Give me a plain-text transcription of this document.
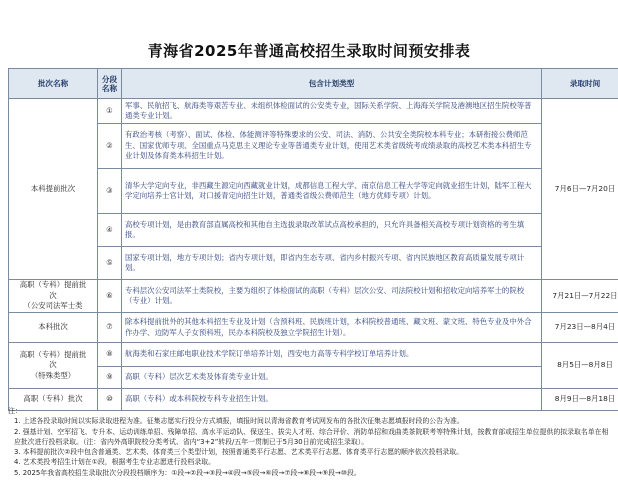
青海省2025年普通高校招生录取时间预安排表
批次名称	分段名称	包含计划类型	录取时间
本科提前批次	①	军事、民航招飞、航海类等艰苦专业、未组织体检面试的公安类专业，国际关系学院、上海海关学院及港澳地区招生院校等普通类专业计划。	7月6日—7月20日
	②	有政治考核（考察）、面试、体检、体能测评等特殊要求的公安、司法、消防、公共安全类院校本科专业；本研衔接公费师范生、国家优师专项、全国重点马克思主义理论专业等普通类专业计划，使用艺术类省级统考成绩录取的高校艺术类本科招生专业计划及体育类本科招生计划。	
	③	清华大学定向专业，非西藏生源定向西藏就业计划，成都信息工程大学、南京信息工程大学等定向就业招生计划，陆军工程大学定向培养士官计划，对口援青定向招生计划，普通类省级公费师范生（地方优师专项）计划。	
	④	高校专项计划，是由教育部直属高校和其他自主选拔录取改革试点高校承担的，只允许具备相关高校专项计划资格的考生填报。	
	⑤	国家专项计划，地方专项计划；省内专项计划，即省内生态专项、省内乡村振兴专项、省内民族地区教育高质量发展专项计划。	

高职（专科）提前批
次
（公安司法军士类	⑥	专科层次公安司法军士类院校，主要为组织了体检面试的高职（专科）层次公安、司法院校计划和招收定向培养军士的院校（专业）计划。	7月21日—7月22日
本科批次	⑦	除本科提前批外的其他本科招生专业及计划（含预科班、民族班计划，本科院校普通班、藏文班、蒙文班、特色专业及中外合作办学、边防军人子女预科班，民办本科院校及独立学院招生计划）。	7月23日—8月4日

高职（专科）提前批
次
（特殊类型）	⑧	航海类和石家庄邮电职业技术学院订单培养计划，西安电力高等专科学校订单培养计划。	8月5日—8月8日
	⑨	高职（专科）层次艺术类及体育类专业计划。	
高职（专科）批次	⑩	高职（专科）或本科院校专科专业招生计划。	8月9日—8月18日
注：
1. 上述各投录取时间以实际录取进程为准。征集志愿实行投分方式填报，填报时间以青海省教育考试网发布的各批次征集志愿填报时段的公告为准。
2. 强基计划、空军招飞、专升本、运动训练单招、残障单招、高水平运动队、保送生、拔尖人才班、综合评价、消防单招和戏曲类茶院联考等特殊计划，按教育部或招生单位提供的拟录取名单在相应批次进行投档录取。（注：省内外高职院校分类考试、省内“3+2”转段/五年一贯制已于5月30日前完成招生录取）。
3. 本科提前批次②段中包含普通类、艺术类、体育类三个类型计划，按照普通类平行志愿、艺术类平行志愿、体育类平行志愿的顺序依次投档录取。
4. 艺术类投考招生计划在①段，根据考生专业志愿进行投档录取。
5. 2025年我省高校招生录取批次分段投档顺序为：①段→②段→③段→④段→⑤段→⑥段→⑦段→⑧段→⑨段→⑩段。
